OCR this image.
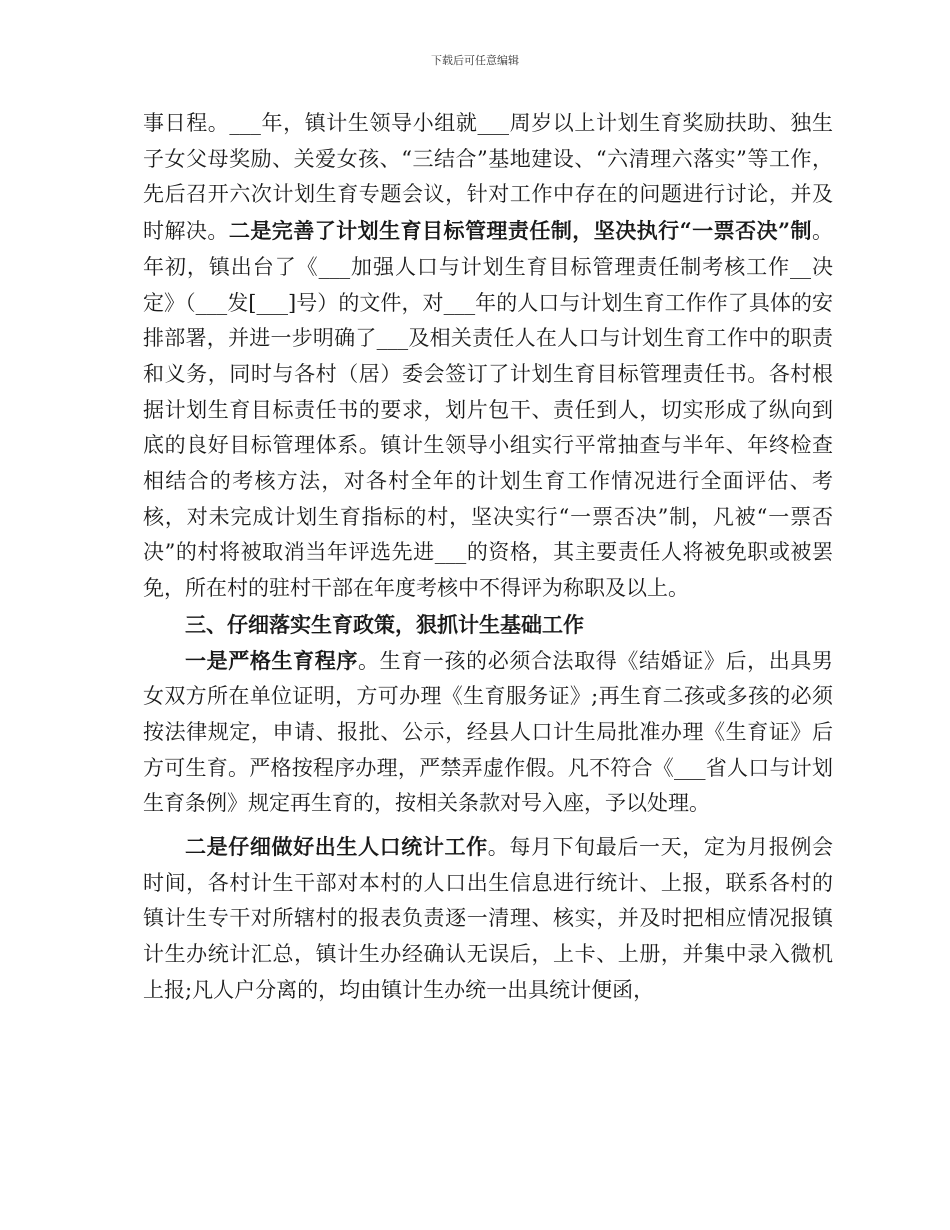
下载后可任意编辑

事日程。___年，镇计生领导小组就___周岁以上计划生育奖励扶助、独生子女父母奖励、关爱女孩、“三结合”基地建设、“六清理六落实”等工作，先后召开六次计划生育专题会议，针对工作中存在的问题进行讨论，并及时解决。二是完善了计划生育目标管理责任制，坚决执行“一票否决”制。年初，镇出台了《___加强人口与计划生育目标管理责任制考核工作__决定》（___发[___]号）的文件，对___年的人口与计划生育工作作了具体的安排部署，并进一步明确了___及相关责任人在人口与计划生育工作中的职责和义务，同时与各村（居）委会签订了计划生育目标管理责任书。各村根据计划生育目标责任书的要求，划片包干、责任到人，切实形成了纵向到底的良好目标管理体系。镇计生领导小组实行平常抽查与半年、年终检查相结合的考核方法，对各村全年的计划生育工作情况进行全面评估、考核，对未完成计划生育指标的村，坚决实行“一票否决”制，凡被“一票否决”的村将被取消当年评选先进___的资格，其主要责任人将被免职或被罢免，所在村的驻村干部在年度考核中不得评为称职及以上。

三、仔细落实生育政策，狠抓计生基础工作

一是严格生育程序。生育一孩的必须合法取得《结婚证》后，出具男女双方所在单位证明，方可办理《生育服务证》;再生育二孩或多孩的必须按法律规定，申请、报批、公示，经县人口计生局批准办理《生育证》后方可生育。严格按程序办理，严禁弄虚作假。凡不符合《___省人口与计划生育条例》规定再生育的，按相关条款对号入座，予以处理。

二是仔细做好出生人口统计工作。每月下旬最后一天，定为月报例会时间，各村计生干部对本村的人口出生信息进行统计、上报，联系各村的镇计生专干对所辖村的报表负责逐一清理、核实，并及时把相应情况报镇计生办统计汇总，镇计生办经确认无误后，上卡、上册，并集中录入微机上报;凡人户分离的，均由镇计生办统一出具统计便函，
